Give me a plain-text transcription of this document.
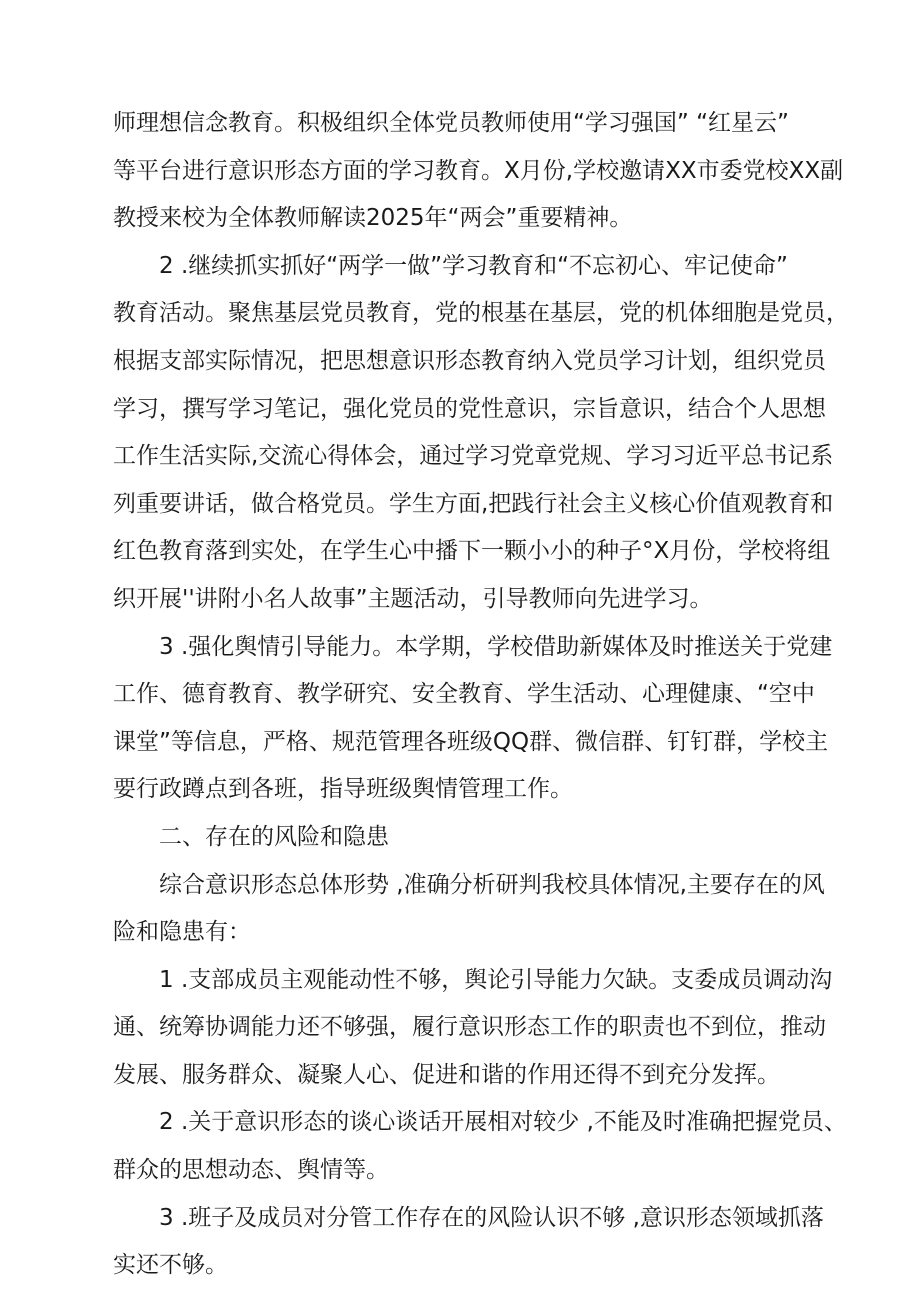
师理想信念教育。积极组织全体党员教师使用“学习强国” “红星云”
等平台进行意识形态方面的学习教育。X月份,学校邀请XX市委党校XX副
教授来校为全体教师解读2025年“两会”重要精神。
2 .继续抓实抓好“两学一做”学习教育和“不忘初心、牢记使命”
教育活动。聚焦基层党员教育，党的根基在基层，党的机体细胞是党员，
根据支部实际情况，把思想意识形态教育纳入党员学习计划，组织党员
学习，撰写学习笔记，强化党员的党性意识，宗旨意识，结合个人思想
工作生活实际,交流心得体会，通过学习党章党规、学习习近平总书记系
列重要讲话，做合格党员。学生方面,把践行社会主义核心价值观教育和
红色教育落到实处，在学生心中播下一颗小小的种子°X月份，学校将组
织开展''讲附小名人故事”主题活动，引导教师向先进学习。
3 .强化舆情引导能力。本学期，学校借助新媒体及时推送关于党建
工作、德育教育、教学研究、安全教育、学生活动、心理健康、“空中
课堂”等信息，严格、规范管理各班级QQ群、微信群、钉钉群，学校主
要行政蹲点到各班，指导班级舆情管理工作。
二、存在的风险和隐患
综合意识形态总体形势 ,准确分析研判我校具体情况,主要存在的风
险和隐患有：
1 .支部成员主观能动性不够，舆论引导能力欠缺。支委成员调动沟
通、统筹协调能力还不够强，履行意识形态工作的职责也不到位，推动
发展、服务群众、凝聚人心、促进和谐的作用还得不到充分发挥。
2 .关于意识形态的谈心谈话开展相对较少 ,不能及时准确把握党员、
群众的思想动态、舆情等。
3 .班子及成员对分管工作存在的风险认识不够 ,意识形态领域抓落
实还不够。
